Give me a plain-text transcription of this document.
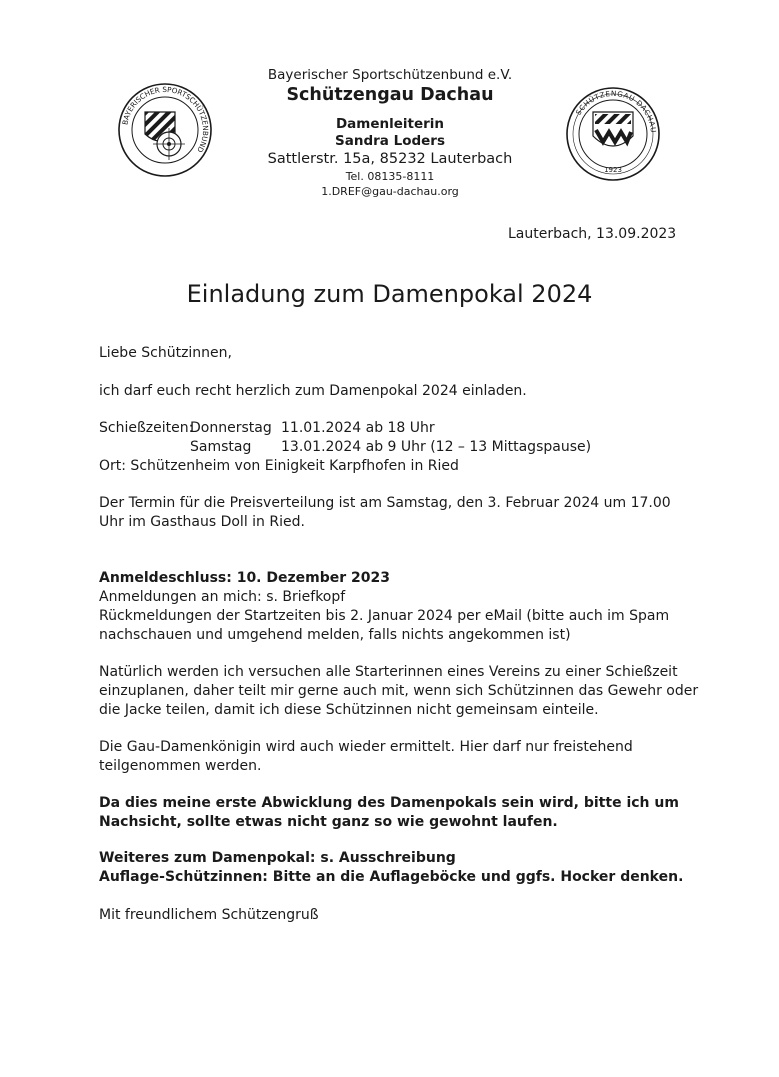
BAYERISCHER SPORTSCHÜTZENBUND
SCHÜTZENGAU DACHAU
1923
Bayerischer Sportschützenbund e.V.
Schützengau Dachau
Damenleiterin
Sandra Loders
Sattlerstr. 15a, 85232 Lauterbach
Tel. 08135-8111
1.DREF@gau-dachau.org
Lauterbach, 13.09.2023
Einladung zum Damenpokal 2024
Liebe Schützinnen,
ich darf euch recht herzlich zum Damenpokal 2024 einladen.
Schießzeiten:
Donnerstag 11.01.2024 ab 18 Uhr
Samstag 13.01.2024 ab 9 Uhr (12 – 13 Mittagspause)
Ort: Schützenheim von Einigkeit Karpfhofen in Ried
Der Termin für die Preisverteilung ist am Samstag, den 3. Februar 2024 um 17.00
Uhr im Gasthaus Doll in Ried.
Anmeldeschluss: 10. Dezember 2023
Anmeldungen an mich: s. Briefkopf
Rückmeldungen der Startzeiten bis 2. Januar 2024 per eMail (bitte auch im Spam
nachschauen und umgehend melden, falls nichts angekommen ist)
Natürlich werden ich versuchen alle Starterinnen eines Vereins zu einer Schießzeit
einzuplanen, daher teilt mir gerne auch mit, wenn sich Schützinnen das Gewehr oder
die Jacke teilen, damit ich diese Schützinnen nicht gemeinsam einteile.
Die Gau-Damenkönigin wird auch wieder ermittelt. Hier darf nur freistehend
teilgenommen werden.
Da dies meine erste Abwicklung des Damenpokals sein wird, bitte ich um
Nachsicht, sollte etwas nicht ganz so wie gewohnt laufen.
Weiteres zum Damenpokal: s. Ausschreibung
Auflage-Schützinnen: Bitte an die Auflageböcke und ggfs. Hocker denken.
Mit freundlichem Schützengruß
